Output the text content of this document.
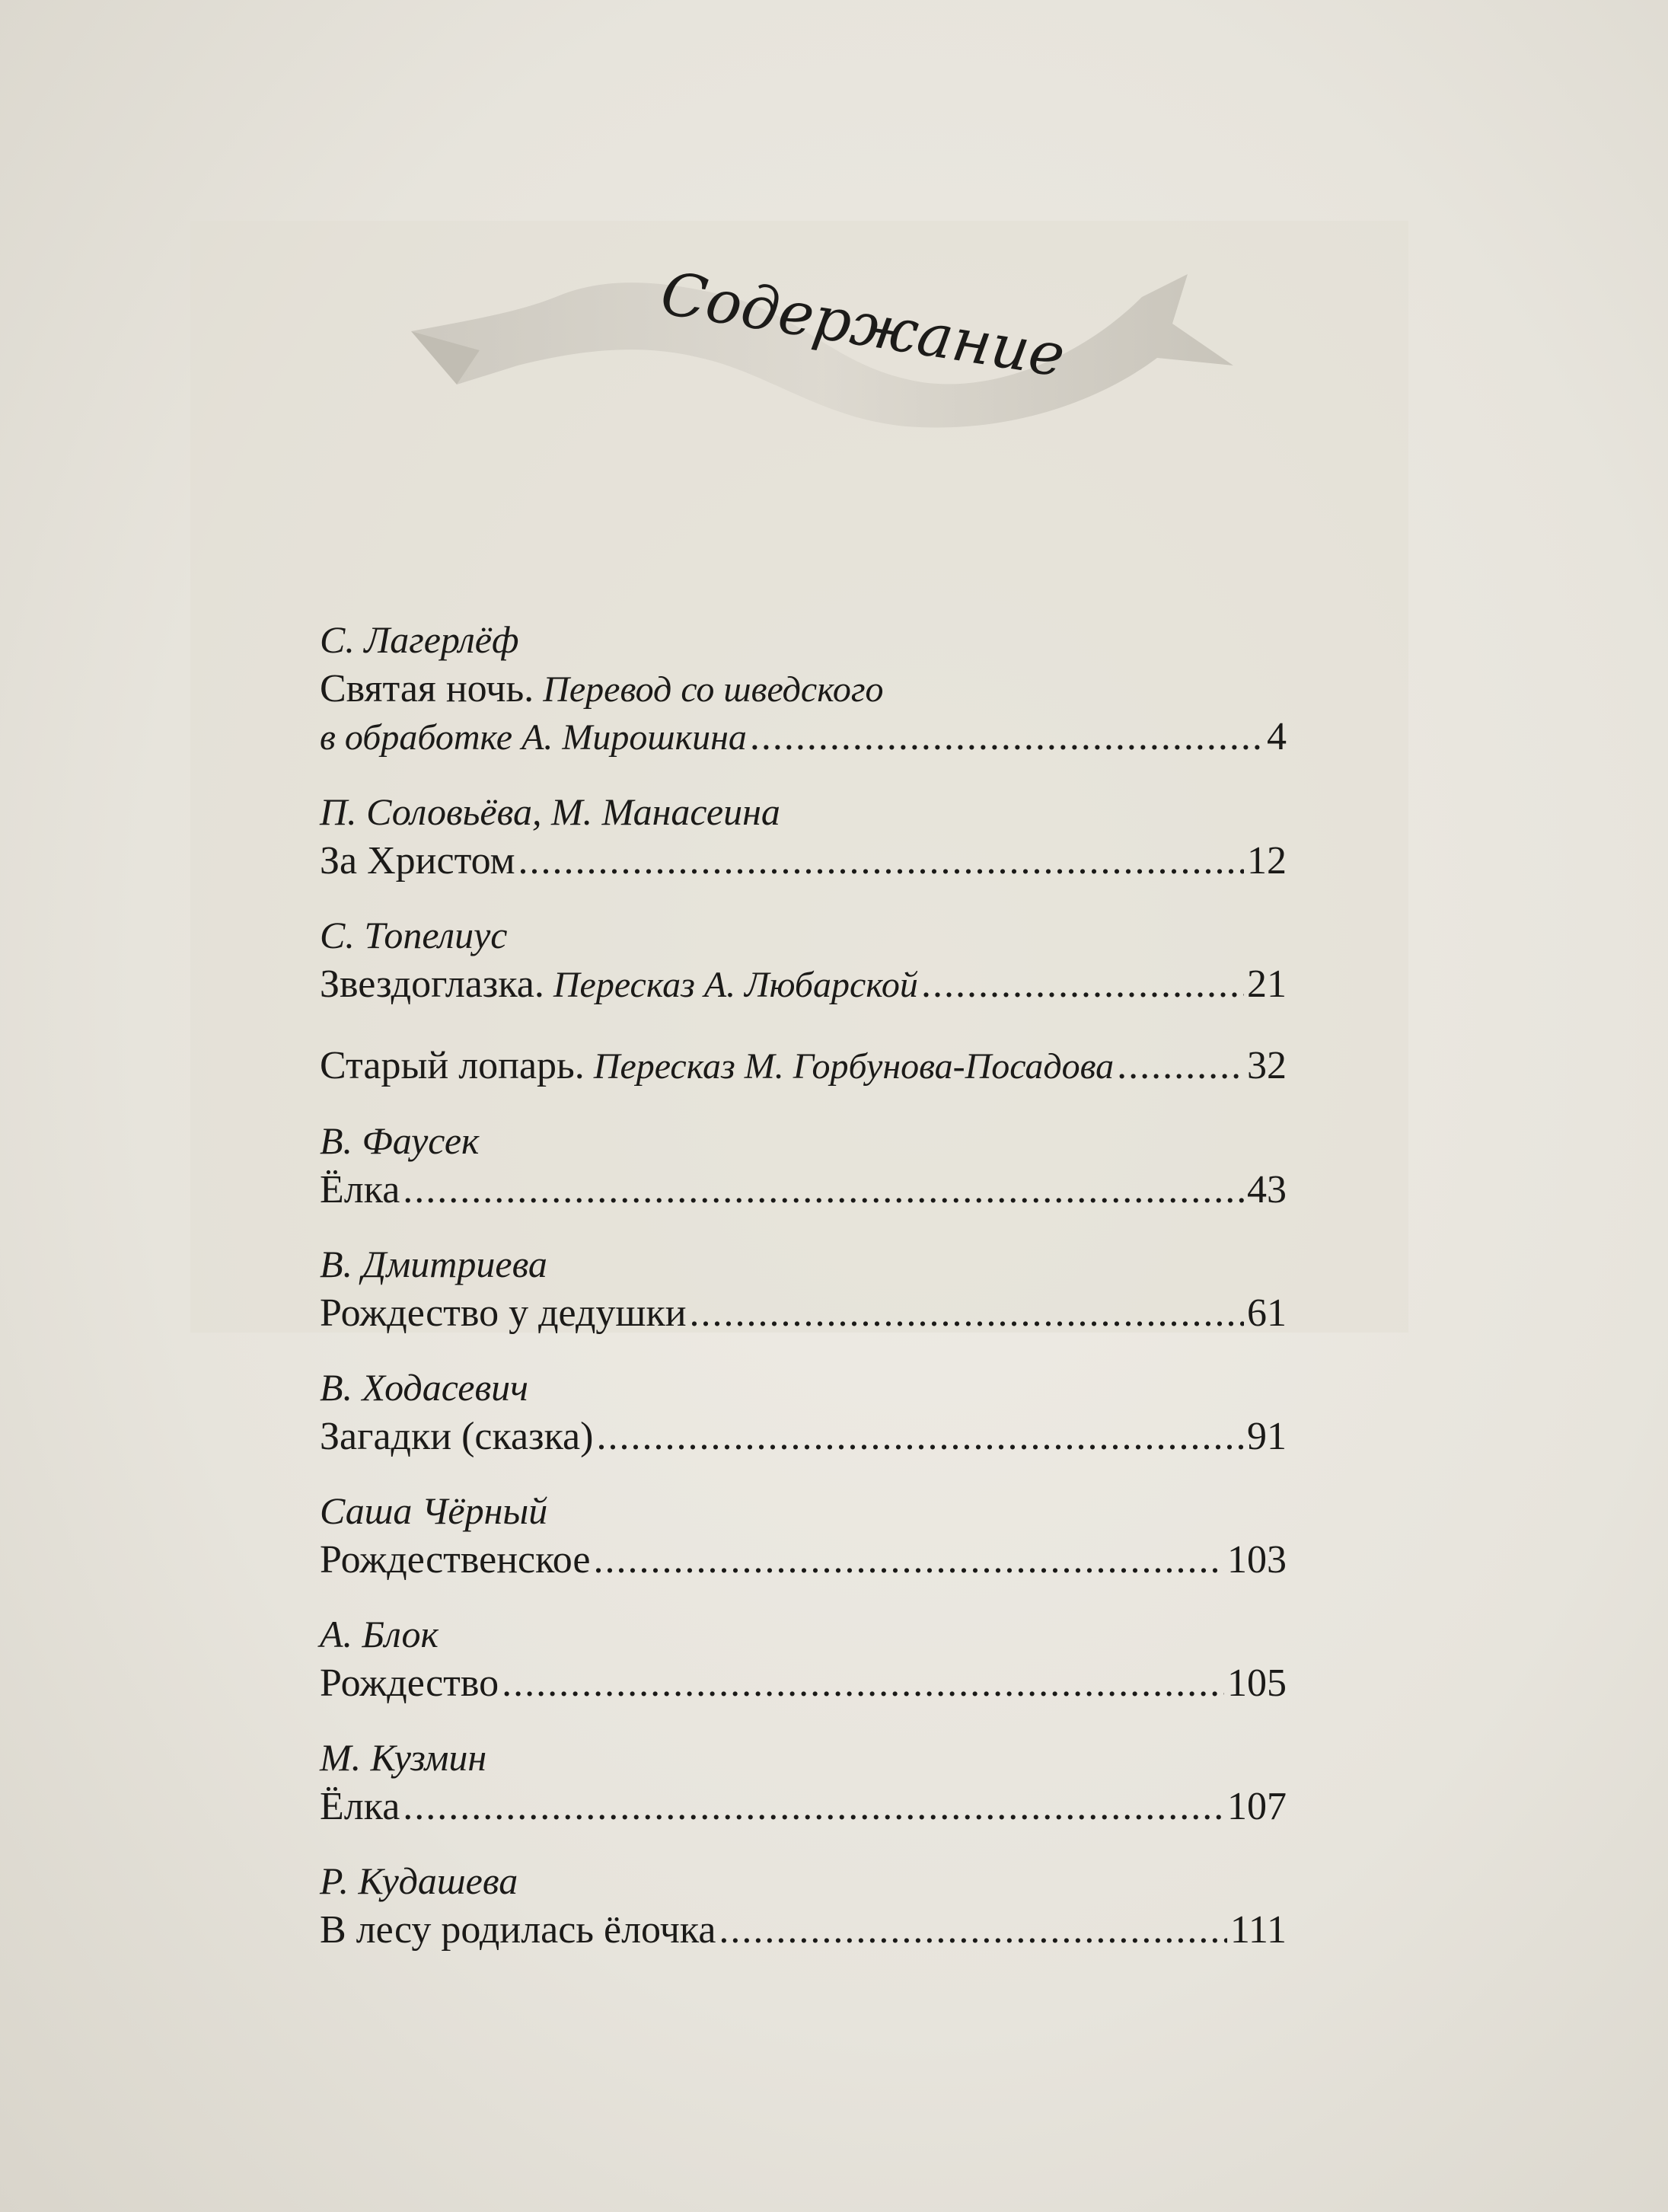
Содержание
С. Лагерлёф
Святая ночь. Перевод со шведского
в обработке А. Мирошкина .....	4
П. Соловьёва, М. Манасеина
За Христом .....	12
С. Топелиус
Звездоглазка. Пересказ А. Любарской .....	21
Старый лопарь. Пересказ М. Горбунова-Посадова .....	32
В. Фаусек
Ёлка .....	43
В. Дмитриева
Рождество у дедушки .....	61
В. Ходасевич
Загадки (сказка) .....	91
Саша Чёрный
Рождественское .....	103
А. Блок
Рождество .....	105
М. Кузмин
Ёлка .....	107
Р. Кудашева
В лесу родилась ёлочка .....	111
